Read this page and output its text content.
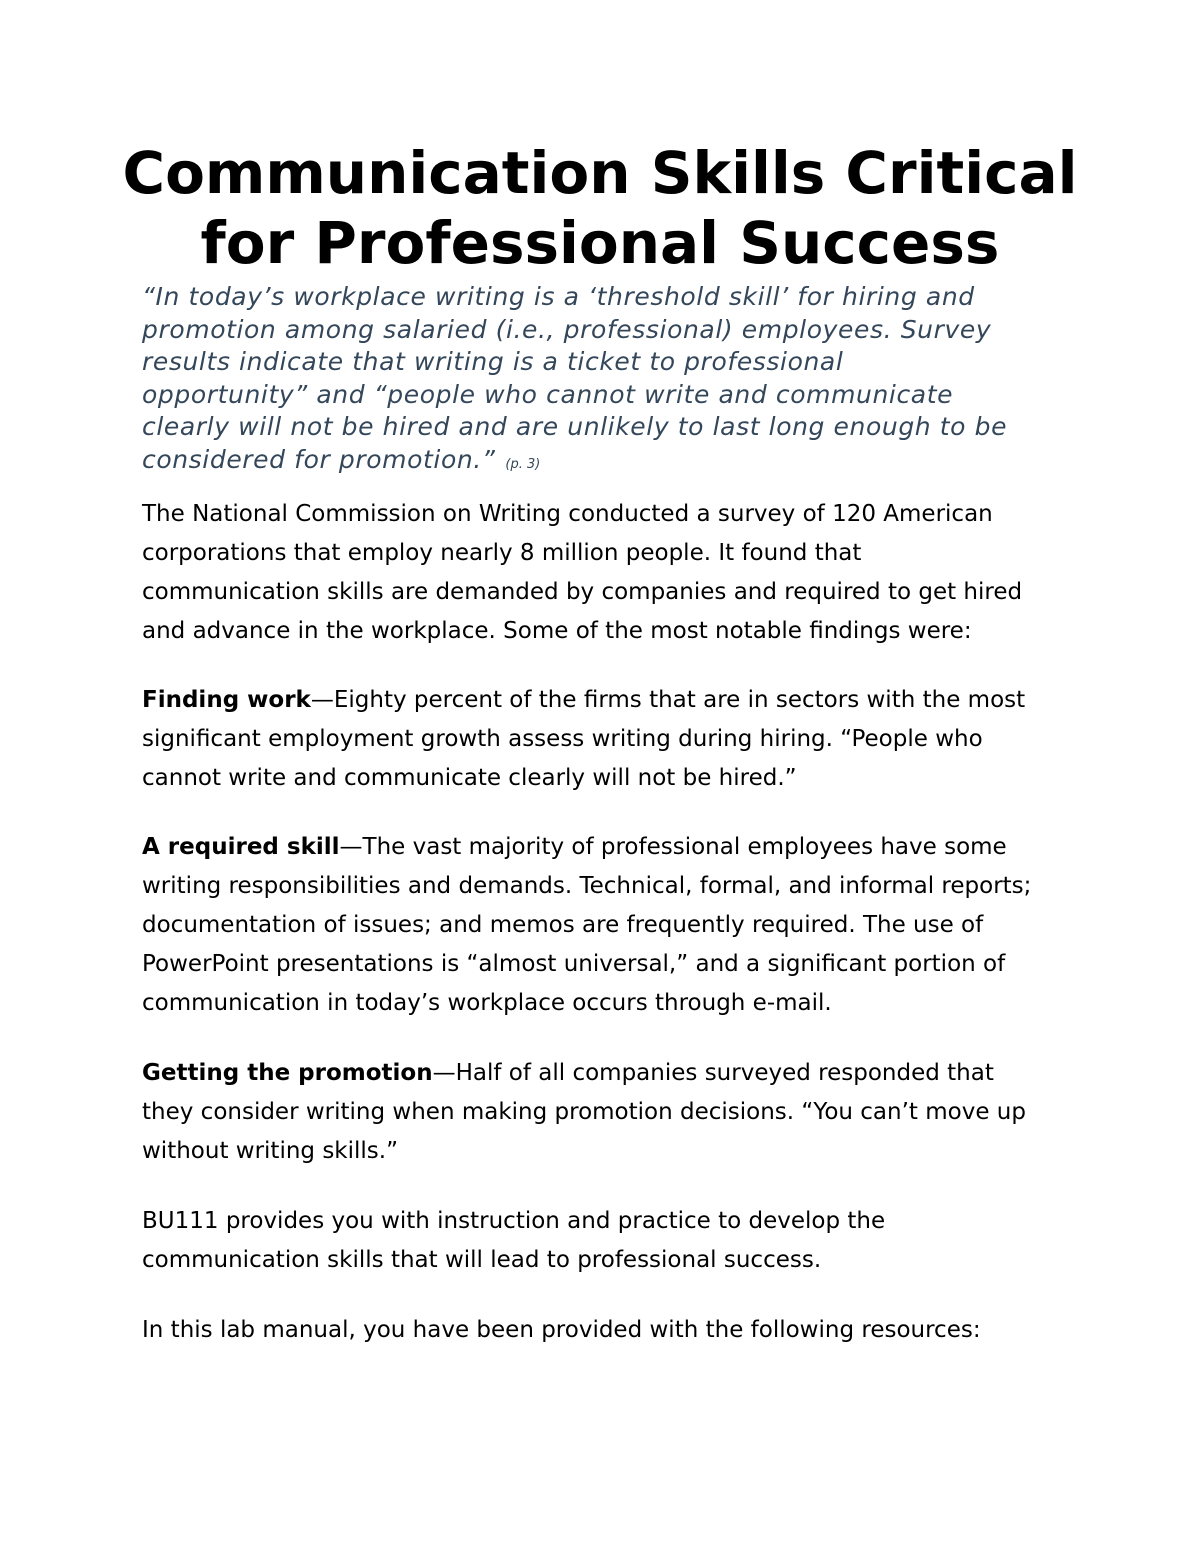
Communication Skills Critical
for Professional Success

“In today’s workplace writing is a ‘threshold skill’ for hiring and
promotion among salaried (i.e., professional) employees. Survey
results indicate that writing is a ticket to professional
opportunity” and “people who cannot write and communicate
clearly will not be hired and are unlikely to last long enough to be
considered for promotion.” (p. 3)

The National Commission on Writing conducted a survey of 120 American
corporations that employ nearly 8 million people. It found that
communication skills are demanded by companies and required to get hired
and advance in the workplace. Some of the most notable findings were:

Finding work—Eighty percent of the firms that are in sectors with the most
significant employment growth assess writing during hiring. “People who
cannot write and communicate clearly will not be hired.”

A required skill—The vast majority of professional employees have some
writing responsibilities and demands. Technical, formal, and informal reports;
documentation of issues; and memos are frequently required. The use of
PowerPoint presentations is “almost universal,” and a significant portion of
communication in today’s workplace occurs through e-mail.

Getting the promotion—Half of all companies surveyed responded that
they consider writing when making promotion decisions. “You can’t move up
without writing skills.”

BU111 provides you with instruction and practice to develop the
communication skills that will lead to professional success.

In this lab manual, you have been provided with the following resources:
